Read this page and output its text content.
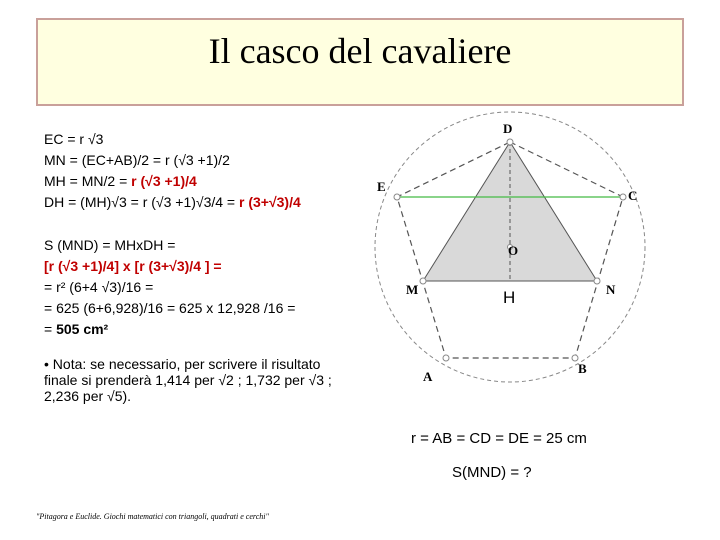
Il casco del cavaliere
EC = r √3
MN = (EC+AB)/2 = r (√3 +1)/2
MH = MN/2 = r (√3 +1)/4
DH = (MH)√3 = r (√3 +1)√3/4 = r (3+√3)/4
S (MND) = MHxDH =
[r (√3 +1)/4] x [r (3+√3)/4 ] =
= r² (6+4 √3)/16 =
= 625 (6+6,928)/16 = 625 x 12,928 /16 =
= 505 cm²
• Nota: se necessario, per scrivere il risultato finale si prenderà 1,414 per √2 ; 1,732 per √3 ; 2,236 per √5).
D
E
C
O
M	N
H
A
B
r = AB = CD = DE = 25 cm
S(MND) = ?
"Pitagora e Euclide. Giochi matematici con triangoli, quadrati e cerchi"
